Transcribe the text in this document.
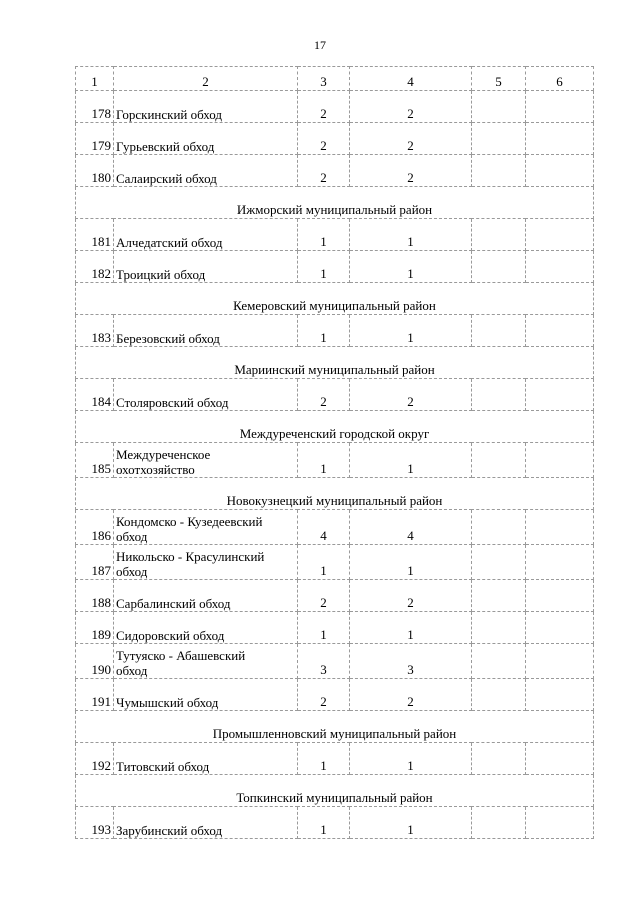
17
1	2	3	4	5	6
178	Горскинский обход	2	2		
179	Гурьевский обход	2	2		
180	Салаирский обход	2	2		
Ижморский муниципальный район					
181	Алчедатский обход	1	1		
182	Троицкий обход	1	1		
Кемеровский муниципальный район					
183	Березовский обход	1	1		
Мариинский муниципальный район					
184	Столяровский обход	2	2		
Междуреченский городской округ					
185	Междуреченское
охотхозяйство	1	1		
Новокузнецкий муниципальный район					
186	Кондомско - Кузедеевский
обход	4	4		
187	Никольско - Красулинский
обход	1	1		
188	Сарбалинский обход	2	2		
189	Сидоровский обход	1	1		
190	Тутуяско - Абашевский
обход	3	3		
191	Чумышский обход	2	2		
Промышленновский муниципальный район					
192	Титовский обход	1	1		
Топкинский муниципальный район					
193	Зарубинский обход	1	1		
